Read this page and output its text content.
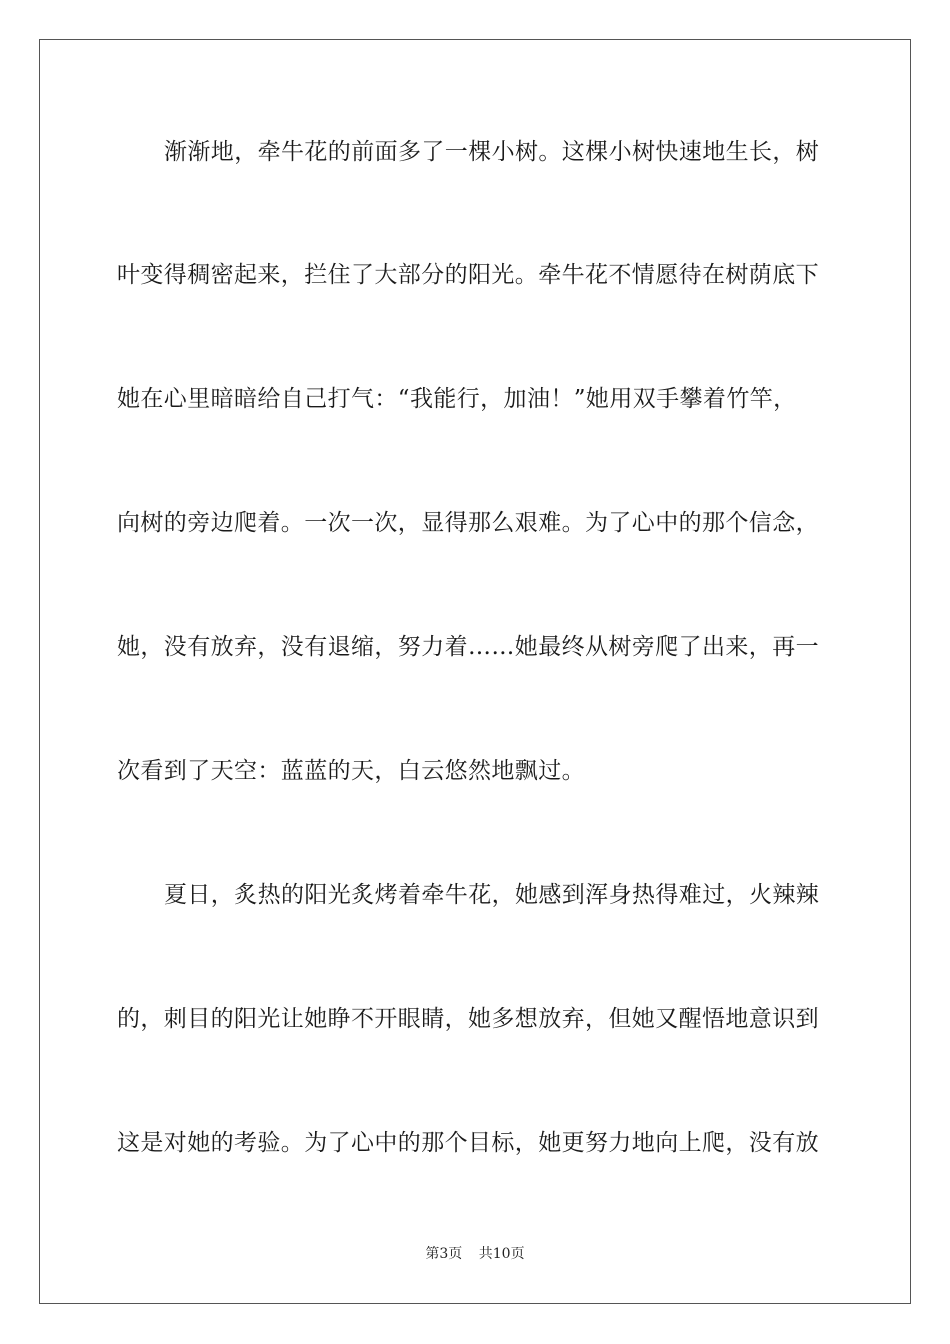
渐渐地，牵牛花的前面多了一棵小树。这棵小树快速地生长，树
叶变得稠密起来，拦住了大部分的阳光。牵牛花不情愿待在树荫底下
她在心里暗暗给自己打气：“我能行，加油！”她用双手攀着竹竿，
向树的旁边爬着。一次一次，显得那么艰难。为了心中的那个信念，
她，没有放弃，没有退缩，努力着……她最终从树旁爬了出来，再一
次看到了天空：蓝蓝的天，白云悠然地飘过。
夏日，炙热的阳光炙烤着牵牛花，她感到浑身热得难过，火辣辣
的，刺目的阳光让她睁不开眼睛，她多想放弃，但她又醒悟地意识到
这是对她的考验。为了心中的那个目标，她更努力地向上爬，没有放
第3页 共10页
